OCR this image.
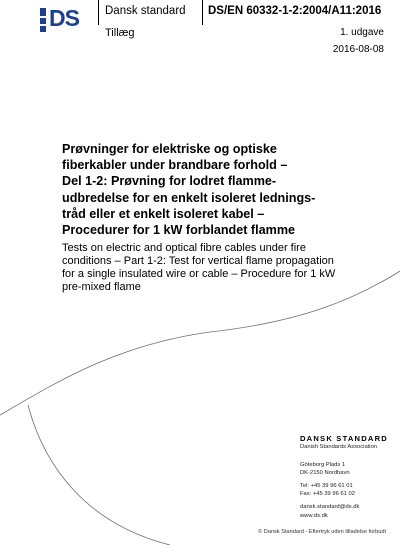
DS Dansk standard
Tillæg
DS/EN 60332-1-2:2004/A11:2016
1. udgave
2016-08-08
Prøvninger for elektriske og optiske
fiberkabler under brandbare forhold –
Del 1-2: Prøvning for lodret flamme-
udbredelse for en enkelt isoleret lednings-
tråd eller et enkelt isoleret kabel –
Procedurer for 1 kW forblandet flamme
Tests on electric and optical fibre cables under fire
conditions – Part 1-2: Test for vertical flame propagation
for a single insulated wire or cable – Procedure for 1 kW
pre-mixed flame
DANSK STANDARD
Danish Standards Association
Göteborg Plads 1
DK-2150 Nordhavn
Tel: +45 39 96 61 01
Fax: +45 39 96 61 02
dansk.standard@ds.dk
www.ds.dk
© Dansk Standard - Eftertryk uden tilladelse forbudt
